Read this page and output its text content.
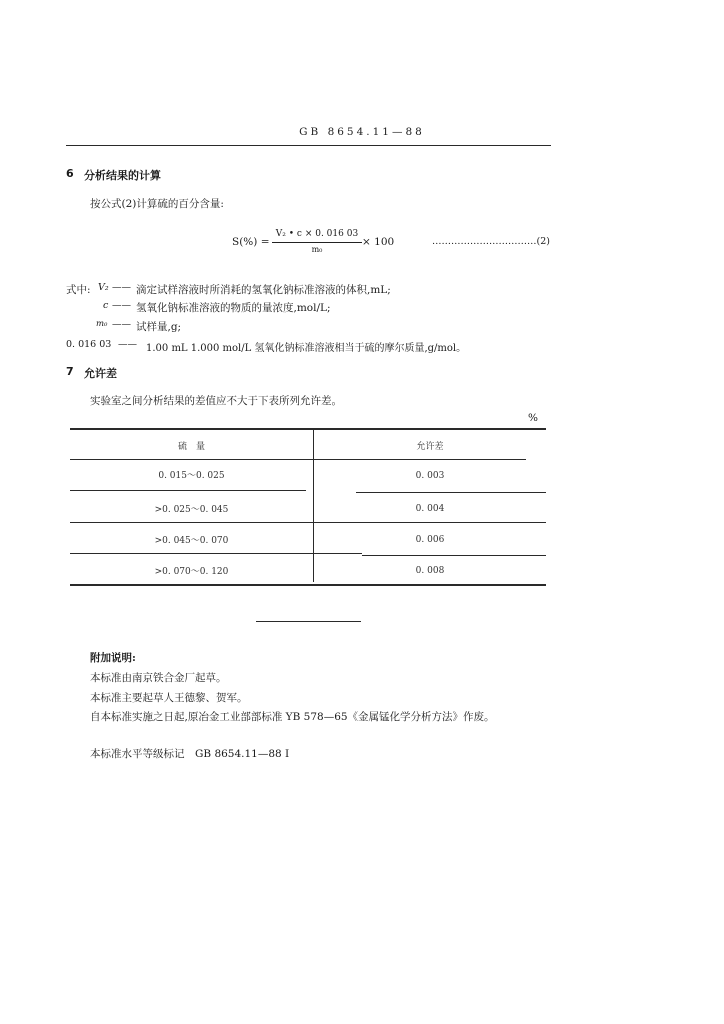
GB 8654.11—88
6 分析结果的计算
按公式(2)计算硫的百分含量:
S(%) =
V₂ • c × 0. 016 03
m₀
× 100	……………………………(2)
式中: V₂ —— 滴定试样溶液时所消耗的氢氧化钠标准溶液的体积,mL;
c —— 氢氧化钠标准溶液的物质的量浓度,mol/L;
m₀ —— 试样量,g;
0. 016 03 —— 1.00 mL 1.000 mol/L 氢氧化钠标准溶液相当于硫的摩尔质量,g/mol。
7 允许差
实验室之间分析结果的差值应不大于下表所列允许差。
%
硫　量	允许差
0. 015～0. 025	0. 003
>0. 025～0. 045	0. 004
>0. 045～0. 070	0. 006
>0. 070～0. 120	0. 008
附加说明:
本标准由南京铁合金厂起草。
本标准主要起草人王德黎、贺军。
自本标准实施之日起,原冶金工业部部标准 YB 578—65《金属锰化学分析方法》作废。
本标准水平等级标记　GB 8654.11—88 Ⅰ
